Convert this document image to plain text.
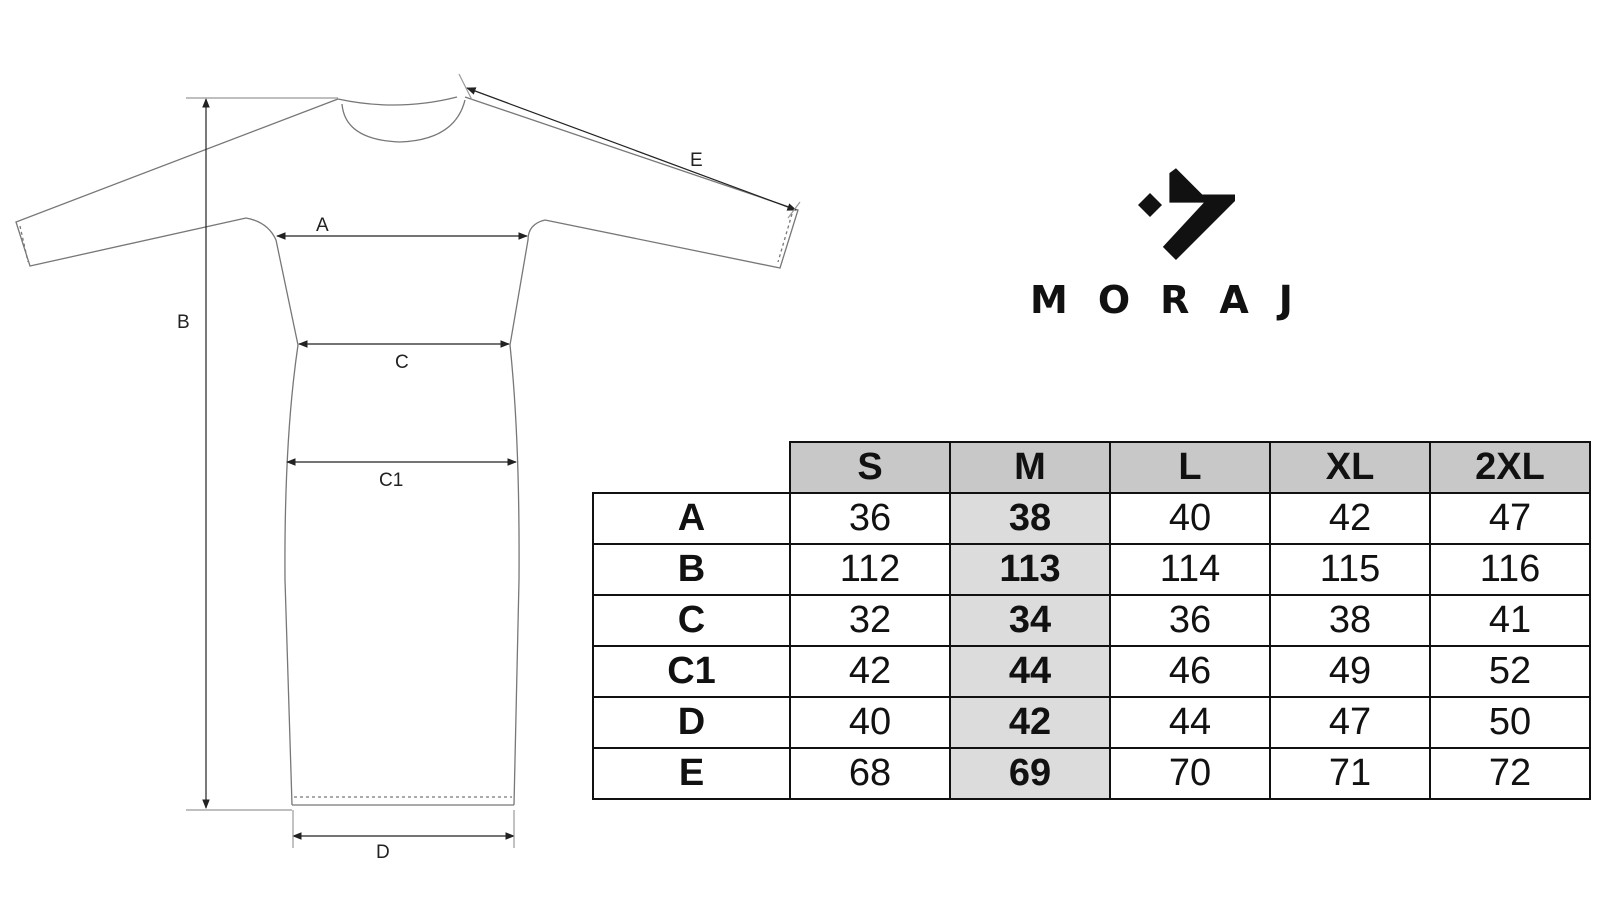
A
B
C
C1
D
E
MORAJ
	S	M	L	XL	2XL
A	36	38	40	42	47
B	112	113	114	115	116
C	32	34	36	38	41
C1	42	44	46	49	52
D	40	42	44	47	50
E	68	69	70	71	72
